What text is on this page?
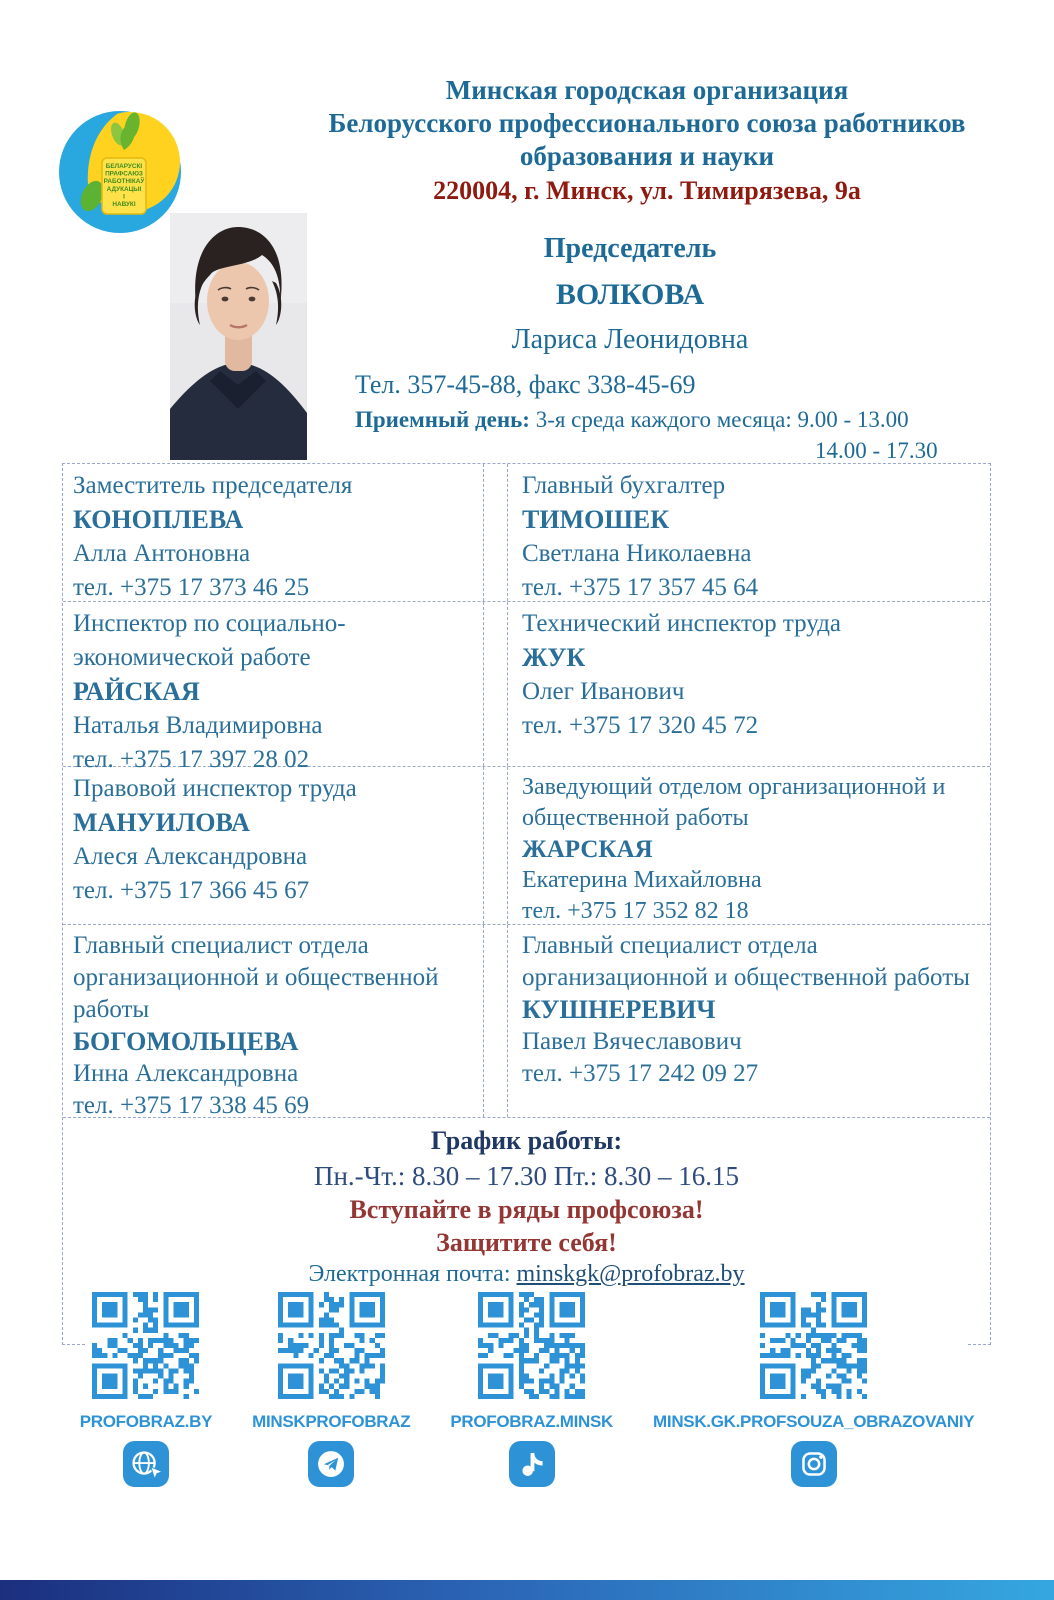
БЕЛАРУСКІ
ПРАФСАЮЗ
РАБОТНІКАЎ
АДУКАЦЫІ
І
НАВУКІ
Минская городская организация
Белорусского профессионального союза работников
образования и науки
220004, г. Минск, ул. Тимирязева, 9а
Председатель
ВОЛКОВА
Лариса Леонидовна
Тел. 357-45-88, факс 338-45-69
Приемный день: 3-я среда каждого месяца: 9.00 - 13.00
14.00 - 17.30
Заместитель председателя
КОНОПЛЕВА
Алла Антоновна
тел. +375 17 373 46 25
Главный бухгалтер
ТИМОШЕК
Светлана Николаевна
тел. +375 17 357 45 64
Инспектор по социально-экономической работе
РАЙСКАЯ
Наталья Владимировна
тел. +375 17 397 28 02
Технический инспектор труда
ЖУК
Олег Иванович
тел. +375 17 320 45 72
Правовой инспектор труда
МАНУИЛОВА
Алеся Александровна
тел. +375 17 366 45 67
Заведующий отделом организационной и общественной работы
ЖАРСКАЯ
Екатерина Михайловна
тел. +375 17 352 82 18
Главный специалист отдела организационной и общественной работы
БОГОМОЛЬЦЕВА
Инна Александровна
тел. +375 17 338 45 69
Главный специалист отдела организационной и общественной работы
КУШНЕРЕВИЧ
Павел Вячеславович
тел. +375 17 242 09 27
График работы:
Пн.-Чт.: 8.30 – 17.30 Пт.: 8.30 – 16.15
Вступайте в ряды профсоюза!
Защитите себя!
Электронная почта: minskgk@profobraz.by
PROFOBRAZ.BY MINSKPROFOBRAZ PROFOBRAZ.MINSK MINSK.GK.PROFSOUZA_OBRAZOVANIY
